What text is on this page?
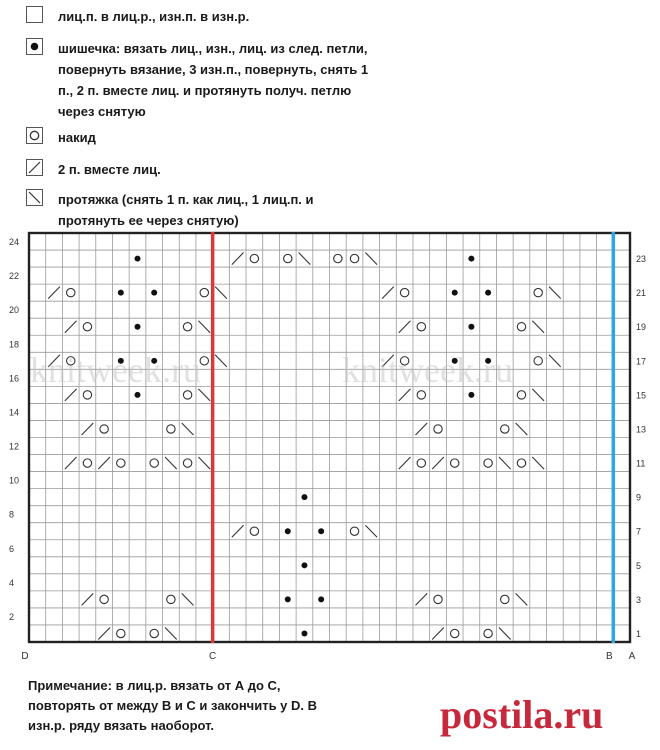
лиц.п. в лиц.р., изн.п. в изн.р.
шишечка: вязать лиц., изн., лиц. из след. петли,
повернуть вязание, 3 изн.п., повернуть, снять 1
п., 2 п. вместе лиц. и протянуть получ. петлю
через снятую
накид
2 п. вместе лиц.
протяжка (снять 1 п. как лиц., 1 лиц.п. и
протянуть ее через снятую)
24
22
20
18
16
14
12
10
8
6
4
2
23
21
19
17
15
13
11
9
7
5
3
1
D	C	B A
knitweek.ru	knitweek.ru
Примечание: в лиц.р. вязать от А до С,
повторять от между В и С и закончить у D. В
изн.р. ряду вязать наоборот.	postila.ru
